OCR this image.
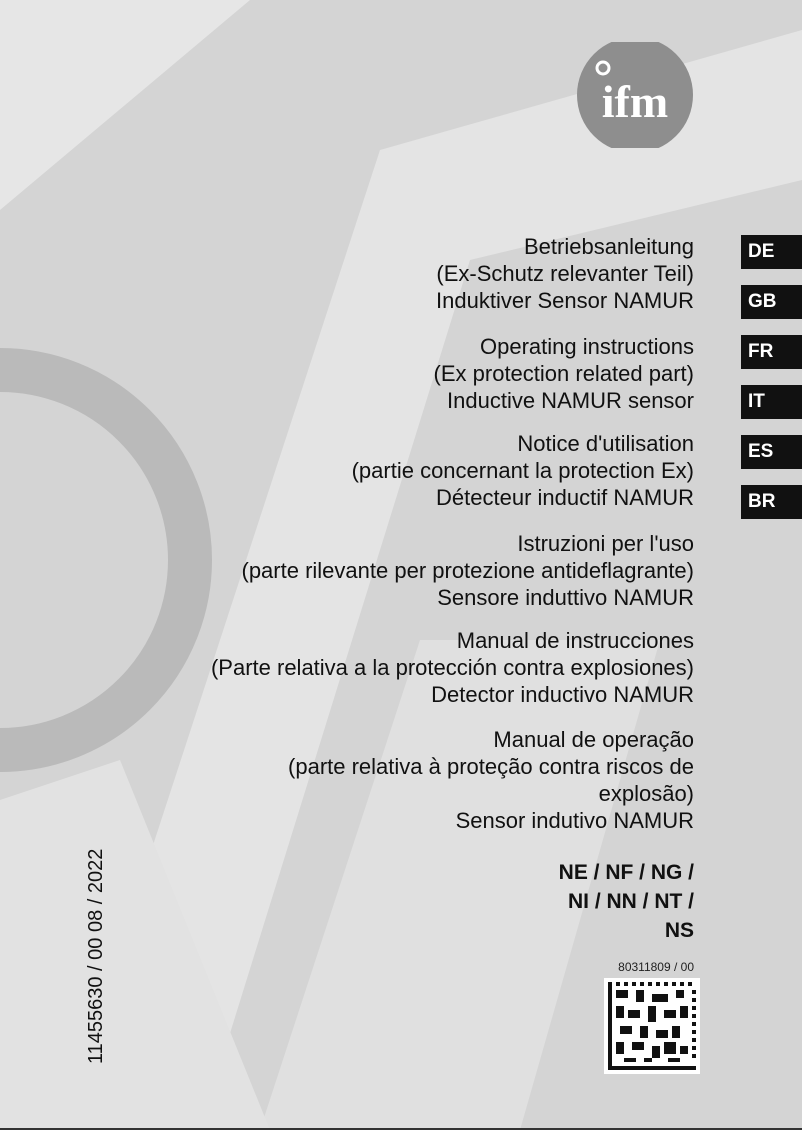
ifm
DE
GB
FR
IT
ES
BR
Betriebsanleitung
(Ex-Schutz relevanter Teil)
Induktiver Sensor NAMUR
Operating instructions
(Ex protection related part)
Inductive NAMUR sensor
Notice d'utilisation
(partie concernant la protection Ex)
Détecteur inductif NAMUR
Istruzioni per l'uso
(parte rilevante per protezione antideflagrante)
Sensore induttivo NAMUR
Manual de instrucciones
(Parte relativa a la protección contra explosiones)
Detector inductivo NAMUR
Manual de operação
(parte relativa à proteção contra riscos de
explosão)
Sensor indutivo NAMUR
NE / NF / NG /
NI / NN / NT /
NS
80311809 / 00
11455630 / 00 08 / 2022
